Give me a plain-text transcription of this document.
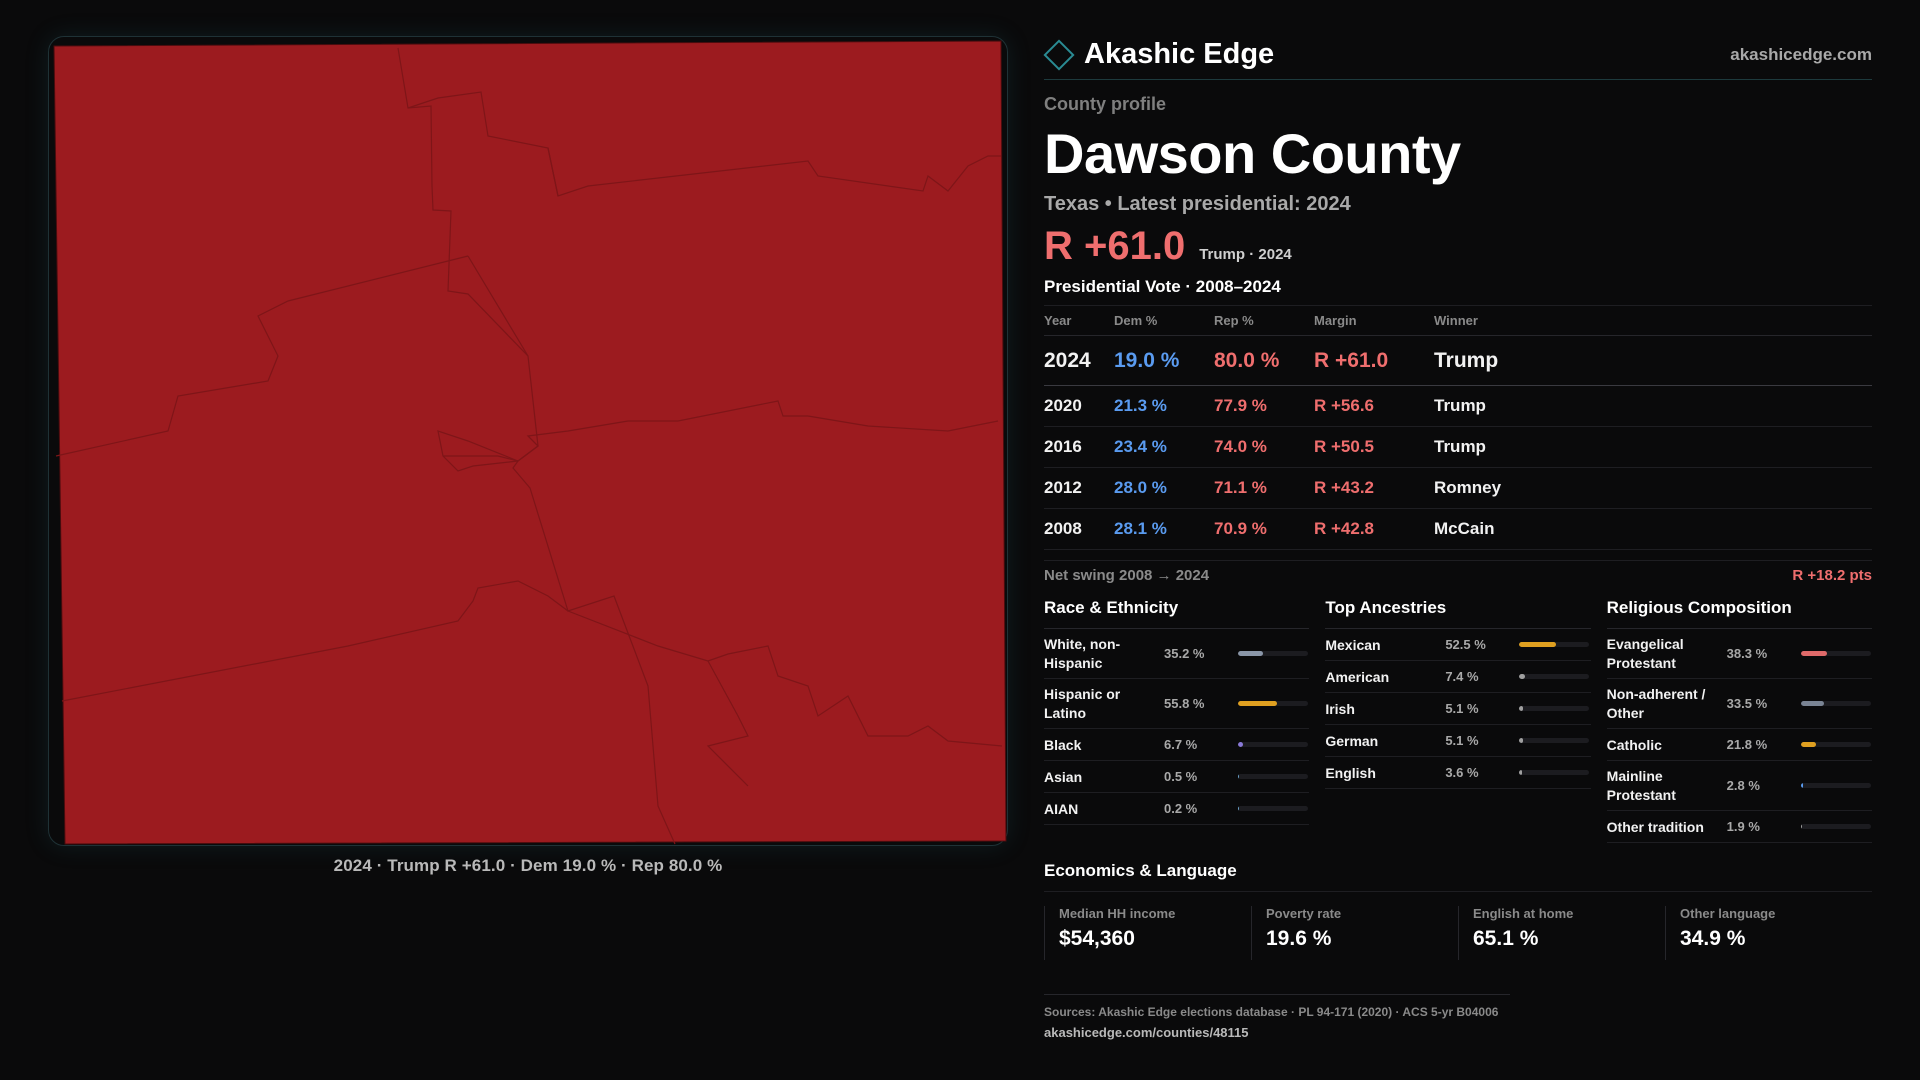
2024 · Trump R +61.0 · Dem 19.0 % · Rep 80.0 %
Akashic Edge	akashicedge.com
County profile
Dawson County
Texas • Latest presidential: 2024
R +61.0 Trump · 2024
Presidential Vote · 2008–2024
Year	Dem %	Rep %	Margin	Winner
2024	19.0 %	80.0 %	R +61.0	Trump
2020	21.3 %	77.9 %	R +56.6	Trump
2016	23.4 %	74.0 %	R +50.5	Trump
2012	28.0 %	71.1 %	R +43.2	Romney
2008	28.1 %	70.9 %	R +42.8	McCain
Net swing 2008 → 2024	R +18.2 pts
Race & Ethnicity
White, non-Hispanic
35.2 %
Hispanic or Latino
55.8 %
Black	6.7 %
Asian	0.5 %
AIAN	0.2 %
Top Ancestries
Mexican	52.5 %
American	7.4 %
Irish	5.1 %
German	5.1 %
English	3.6 %
Religious Composition
Evangelical Protestant
38.3 %
Non-adherent / Other
33.5 %
Catholic	21.8 %
Mainline Protestant
2.8 %
Other tradition	1.9 %
Economics & Language
Median HH income
$54,360
Poverty rate
19.6 %
English at home
65.1 %
Other language
34.9 %
Sources: Akashic Edge elections database · PL 94-171 (2020) · ACS 5-yr B04006
akashicedge.com/counties/48115
